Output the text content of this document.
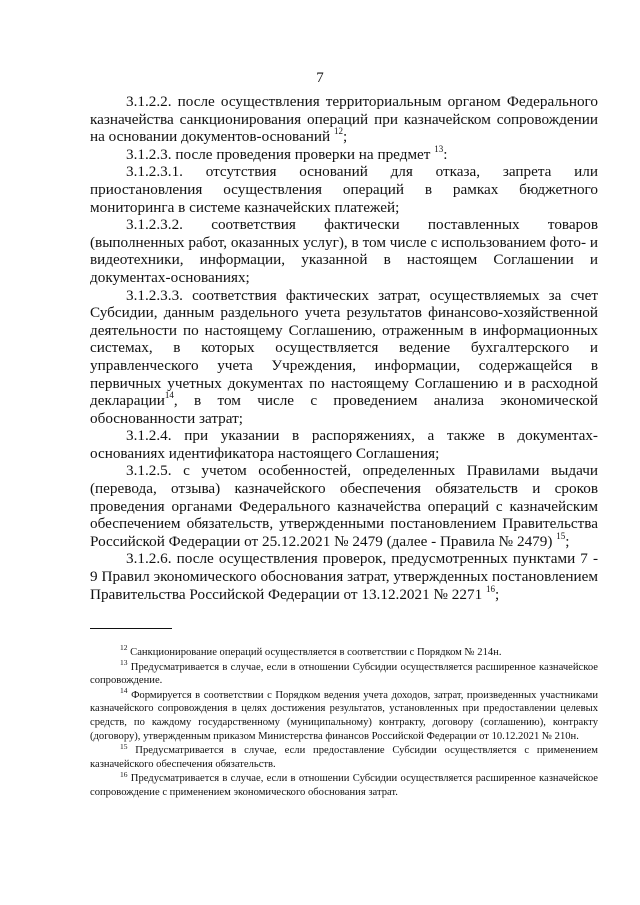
7

3.1.2.2. после осуществления территориальным органом Федерального казначейства санкционирования операций при казначейском сопровождении на основании документов-оснований $^{12}$;

3.1.2.3. после проведения проверки на предмет $^{13}$:

3.1.2.3.1. отсутствия оснований для отказа, запрета или приостановления осуществления операций в рамках бюджетного мониторинга в системе казначейских платежей;

3.1.2.3.2. соответствия фактически поставленных товаров (выполненных работ, оказанных услуг), в том числе с использованием фото- и видеотехники, информации, указанной в настоящем Соглашении и документах-основаниях;

3.1.2.3.3. соответствия фактических затрат, осуществляемых за счет Субсидии, данным раздельного учета результатов финансово-хозяйственной деятельности по настоящему Соглашению, отраженным в информационных системах, в которых осуществляется ведение бухгалтерского и управленческого учета Учреждения, информации, содержащейся в первичных учетных документах по настоящему Соглашению и в расходной декларации$^{14}$, в том числе с проведением анализа экономической обоснованности затрат;

3.1.2.4. при указании в распоряжениях, а также в документах-основаниях идентификатора настоящего Соглашения;

3.1.2.5. с учетом особенностей, определенных Правилами выдачи (перевода, отзыва) казначейского обеспечения обязательств и сроков проведения органами Федерального казначейства операций с казначейским обеспечением обязательств, утвержденными постановлением Правительства Российской Федерации от 25.12.2021 № 2479 (далее - Правила № 2479) $^{15}$;

3.1.2.6. после осуществления проверок, предусмотренных пунктами 7 - 9 Правил экономического обоснования затрат, утвержденных постановлением Правительства Российской Федерации от 13.12.2021 № 2271 $^{16}$;

$^{12}$ Санкционирование операций осуществляется в соответствии с Порядком № 214н.

$^{13}$ Предусматривается в случае, если в отношении Субсидии осуществляется расширенное казначейское сопровождение.

$^{14}$ Формируется в соответствии с Порядком ведения учета доходов, затрат, произведенных участниками казначейского сопровождения в целях достижения результатов, установленных при предоставлении целевых средств, по каждому государственному (муниципальному) контракту, договору (соглашению), контракту (договору), утвержденным приказом Министерства финансов Российской Федерации от 10.12.2021 № 210н.

$^{15}$ Предусматривается в случае, если предоставление Субсидии осуществляется с применением казначейского обеспечения обязательств.

$^{16}$ Предусматривается в случае, если в отношении Субсидии осуществляется расширенное казначейское сопровождение с применением экономического обоснования затрат.
